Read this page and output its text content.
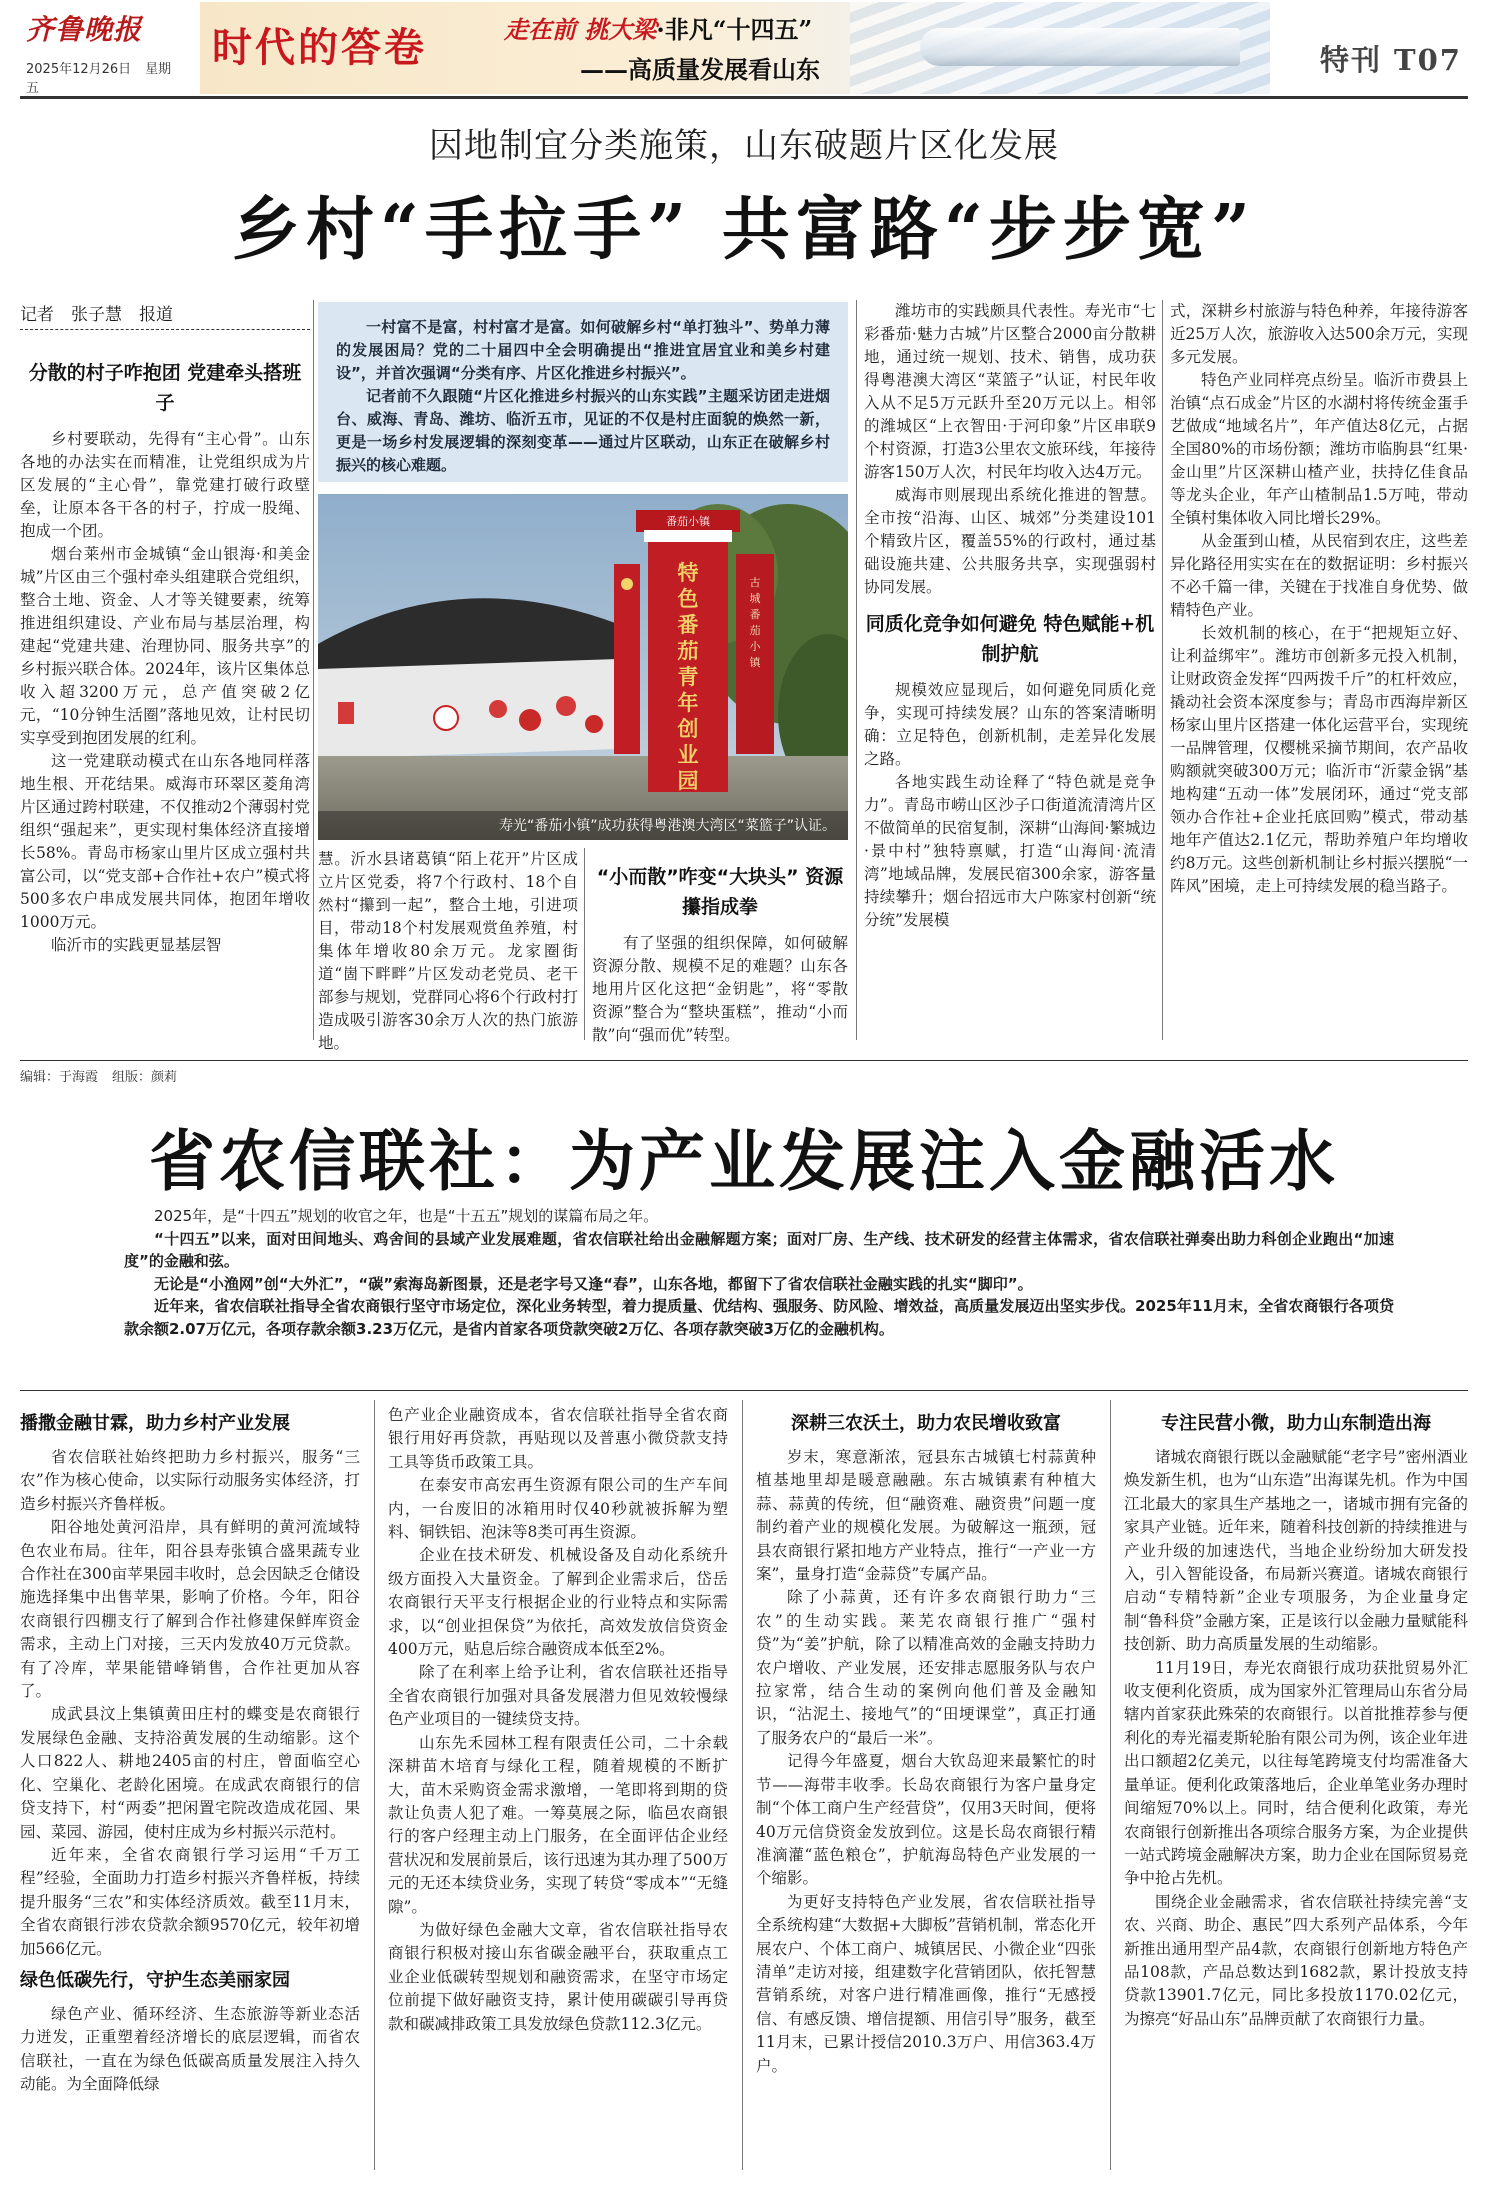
齐鲁晚报
2025年12月26日 星期五
时代的答卷	走在前 挑大梁·非凡“十四五”
——高质量发展看山东	特刊 T07
因地制宜分类施策，山东破题片区化发展
乡村“手拉手” 共富路“步步宽”
记者　张子慧　报道
分散的村子咋抱团 党建牵头搭班子

乡村要联动，先得有“主心骨”。山东各地的办法实在而精准，让党组织成为片区发展的“主心骨”，靠党建打破行政壁垒，让原本各干各的村子，拧成一股绳、抱成一个团。

烟台莱州市金城镇“金山银海·和美金城”片区由三个强村牵头组建联合党组织，整合土地、资金、人才等关键要素，统筹推进组织建设、产业布局与基层治理，构建起“党建共建、治理协同、服务共享”的乡村振兴联合体。2024年，该片区集体总收入超3200万元，总产值突破2亿元，“10分钟生活圈”落地见效，让村民切实享受到抱团发展的红利。

这一党建联动模式在山东各地同样落地生根、开花结果。威海市环翠区菱角湾片区通过跨村联建，不仅推动2个薄弱村党组织“强起来”，更实现村集体经济直接增长58%。青岛市杨家山里片区成立强村共富公司，以“党支部+合作社+农户”模式将500多农户串成发展共同体，抱团年增收1000万元。

临沂市的实践更显基层智

一村富不是富，村村富才是富。如何破解乡村“单打独斗”、势单力薄的发展困局？党的二十届四中全会明确提出“推进宜居宜业和美乡村建设”，并首次强调“分类有序、片区化推进乡村振兴”。

记者前不久跟随“片区化推进乡村振兴的山东实践”主题采访团走进烟台、威海、青岛、潍坊、临沂五市，见证的不仅是村庄面貌的焕然一新，更是一场乡村发展逻辑的深刻变革——通过片区联动，山东正在破解乡村振兴的核心难题。

番茄小镇
特色番茄青年创业园
古城番茄小镇
寿光“番茄小镇”成功获得粤港澳大湾区“菜篮子”认证。

慧。沂水县诸葛镇“陌上花开”片区成立片区党委，将7个行政村、18个自然村“攥到一起”，整合土地，引进项目，带动18个村发展观赏鱼养殖，村集体年增收80余万元。龙家圈街道“崮下畔畔”片区发动老党员、老干部参与规划，党群同心将6个行政村打造成吸引游客30余万人次的热门旅游地。

“小而散”咋变“大块头” 资源攥指成拳

有了坚强的组织保障，如何破解资源分散、规模不足的难题？山东各地用片区化这把“金钥匙”，将“零散资源”整合为“整块蛋糕”，推动“小而散”向“强而优”转型。

潍坊市的实践颇具代表性。寿光市“七彩番茄·魅力古城”片区整合2000亩分散耕地，通过统一规划、技术、销售，成功获得粤港澳大湾区“菜篮子”认证，村民年收入从不足5万元跃升至20万元以上。相邻的潍城区“上衣智田·于河印象”片区串联9个村资源，打造3公里农文旅环线，年接待游客150万人次，村民年均收入达4万元。

威海市则展现出系统化推进的智慧。全市按“沿海、山区、城郊”分类建设101个精致片区，覆盖55%的行政村，通过基础设施共建、公共服务共享，实现强弱村协同发展。

同质化竞争如何避免 特色赋能+机制护航

规模效应显现后，如何避免同质化竞争，实现可持续发展？山东的答案清晰明确：立足特色，创新机制，走差异化发展之路。

各地实践生动诠释了“特色就是竞争力”。青岛市崂山区沙子口街道流清湾片区不做简单的民宿复制，深耕“山海间·繁城边·景中村”独特禀赋，打造“山海间·流清湾”地域品牌，发展民宿300余家，游客量持续攀升；烟台招远市大户陈家村创新“统分统”发展模

式，深耕乡村旅游与特色种养，年接待游客近25万人次，旅游收入达500余万元，实现多元发展。

特色产业同样亮点纷呈。临沂市费县上治镇“点石成金”片区的水湖村将传统金蛋手艺做成“地域名片”，年产值达8亿元，占据全国80%的市场份额；潍坊市临朐县“红果·金山里”片区深耕山楂产业，扶持亿佳食品等龙头企业，年产山楂制品1.5万吨，带动全镇村集体收入同比增长29%。

从金蛋到山楂，从民宿到农庄，这些差异化路径用实实在在的数据证明：乡村振兴不必千篇一律，关键在于找准自身优势、做精特色产业。

长效机制的核心，在于“把规矩立好、让利益绑牢”。潍坊市创新多元投入机制，让财政资金发挥“四两拨千斤”的杠杆效应，撬动社会资本深度参与；青岛市西海岸新区杨家山里片区搭建一体化运营平台，实现统一品牌管理，仅樱桃采摘节期间，农产品收购额就突破300万元；临沂市“沂蒙金锅”基地构建“五动一体”发展闭环，通过“党支部领办合作社+企业托底回购”模式，带动基地年产值达2.1亿元，帮助养殖户年均增收约8万元。这些创新机制让乡村振兴摆脱“一阵风”困境，走上可持续发展的稳当路子。

编辑：于海霞 组版：颜莉
省农信联社：为产业发展注入金融活水

2025年，是“十四五”规划的收官之年，也是“十五五”规划的谋篇布局之年。

“十四五”以来，面对田间地头、鸡舍间的县域产业发展难题，省农信联社给出金融解题方案；面对厂房、生产线、技术研发的经营主体需求，省农信联社弹奏出助力科创企业跑出“加速度”的金融和弦。

无论是“小渔网”创“大外汇”，“碳”索海岛新图景，还是老字号又逢“春”，山东各地，都留下了省农信联社金融实践的扎实“脚印”。

近年来，省农信联社指导全省农商银行坚守市场定位，深化业务转型，着力提质量、优结构、强服务、防风险、增效益，高质量发展迈出坚实步伐。2025年11月末，全省农商银行各项贷款余额2.07万亿元，各项存款余额3.23万亿元，是省内首家各项贷款突破2万亿、各项存款突破3万亿的金融机构。

播撒金融甘霖，助力乡村产业发展

省农信联社始终把助力乡村振兴，服务“三农”作为核心使命，以实际行动服务实体经济，打造乡村振兴齐鲁样板。

阳谷地处黄河沿岸，具有鲜明的黄河流域特色农业布局。往年，阳谷县寿张镇合盛果蔬专业合作社在300亩苹果园丰收时，总会因缺乏仓储设施选择集中出售苹果，影响了价格。今年，阳谷农商银行四棚支行了解到合作社修建保鲜库资金需求，主动上门对接，三天内发放40万元贷款。有了冷库，苹果能错峰销售，合作社更加从容了。

成武县汶上集镇黄田庄村的蝶变是农商银行发展绿色金融、支持浴黄发展的生动缩影。这个人口822人、耕地2405亩的村庄，曾面临空心化、空巢化、老龄化困境。在成武农商银行的信贷支持下，村“两委”把闲置宅院改造成花园、果园、菜园、游园，使村庄成为乡村振兴示范村。

近年来，全省农商银行学习运用“千万工程”经验，全面助力打造乡村振兴齐鲁样板，持续提升服务“三农”和实体经济质效。截至11月末，全省农商银行涉农贷款余额9570亿元，较年初增加566亿元。

绿色低碳先行，守护生态美丽家园

绿色产业、循环经济、生态旅游等新业态活力迸发，正重塑着经济增长的底层逻辑，而省农信联社，一直在为绿色低碳高质量发展注入持久动能。为全面降低绿

色产业企业融资成本，省农信联社指导全省农商银行用好再贷款，再贴现以及普惠小微贷款支持工具等货币政策工具。

在泰安市高宏再生资源有限公司的生产车间内，一台废旧的冰箱用时仅40秒就被拆解为塑料、铜铁铝、泡沫等8类可再生资源。

企业在技术研发、机械设备及自动化系统升级方面投入大量资金。了解到企业需求后，岱岳农商银行天平支行根据企业的行业特点和实际需求，以“创业担保贷”为依托，高效发放信贷资金400万元，贴息后综合融资成本低至2%。

除了在利率上给予让利，省农信联社还指导全省农商银行加强对具备发展潜力但见效较慢绿色产业项目的一键续贷支持。

山东先禾园林工程有限责任公司，二十余载深耕苗木培育与绿化工程，随着规模的不断扩大，苗木采购资金需求激增，一笔即将到期的贷款让负责人犯了难。一筹莫展之际，临邑农商银行的客户经理主动上门服务，在全面评估企业经营状况和发展前景后，该行迅速为其办理了500万元的无还本续贷业务，实现了转贷“零成本”“无缝隙”。

为做好绿色金融大文章，省农信联社指导农商银行积极对接山东省碳金融平台，获取重点工业企业低碳转型规划和融资需求，在坚守市场定位前提下做好融资支持，累计使用碳碳引导再贷款和碳减排政策工具发放绿色贷款112.3亿元。

深耕三农沃土，助力农民增收致富

岁末，寒意渐浓，冠县东古城镇七村蒜黄种植基地里却是暖意融融。东古城镇素有种植大蒜、蒜黄的传统，但“融资难、融资贵”问题一度制约着产业的规模化发展。为破解这一瓶颈，冠县农商银行紧扣地方产业特点，推行“一产业一方案”，量身打造“金蒜贷”专属产品。

除了小蒜黄，还有许多农商银行助力“三农”的生动实践。莱芜农商银行推广“强村贷”为“姜”护航，除了以精准高效的金融支持助力农户增收、产业发展，还安排志愿服务队与农户拉家常，结合生动的案例向他们普及金融知识，“沾泥土、接地气”的“田埂课堂”，真正打通了服务农户的“最后一米”。

记得今年盛夏，烟台大钦岛迎来最繁忙的时节——海带丰收季。长岛农商银行为客户量身定制“个体工商户生产经营贷”，仅用3天时间，便将40万元信贷资金发放到位。这是长岛农商银行精准滴灌“蓝色粮仓”，护航海岛特色产业发展的一个缩影。

为更好支持特色产业发展，省农信联社指导全系统构建“大数据+大脚板”营销机制，常态化开展农户、个体工商户、城镇居民、小微企业“四张清单”走访对接，组建数字化营销团队，依托智慧营销系统，对客户进行精准画像，推行“无感授信、有感反馈、增信提额、用信引导”服务，截至11月末，已累计授信2010.3万户、用信363.4万户。

专注民营小微，助力山东制造出海

诸城农商银行既以金融赋能“老字号”密州酒业焕发新生机，也为“山东造”出海谋先机。作为中国江北最大的家具生产基地之一，诸城市拥有完备的家具产业链。近年来，随着科技创新的持续推进与产业升级的加速迭代，当地企业纷纷加大研发投入，引入智能设备，布局新兴赛道。诸城农商银行启动“专精特新”企业专项服务，为企业量身定制“鲁科贷”金融方案，正是该行以金融力量赋能科技创新、助力高质量发展的生动缩影。

11月19日，寿光农商银行成功获批贸易外汇收支便利化资质，成为国家外汇管理局山东省分局辖内首家获此殊荣的农商银行。以首批推荐参与便利化的寿光福麦斯轮胎有限公司为例，该企业年进出口额超2亿美元，以往每笔跨境支付均需准备大量单证。便利化政策落地后，企业单笔业务办理时间缩短70%以上。同时，结合便利化政策，寿光农商银行创新推出各项综合服务方案，为企业提供一站式跨境金融解决方案，助力企业在国际贸易竞争中抢占先机。

围绕企业金融需求，省农信联社持续完善“支农、兴商、助企、惠民”四大系列产品体系，今年新推出通用型产品4款，农商银行创新地方特色产品108款，产品总数达到1682款，累计投放支持贷款13901.7亿元，同比多投放1170.02亿元，为擦亮“好品山东”品牌贡献了农商银行力量。
